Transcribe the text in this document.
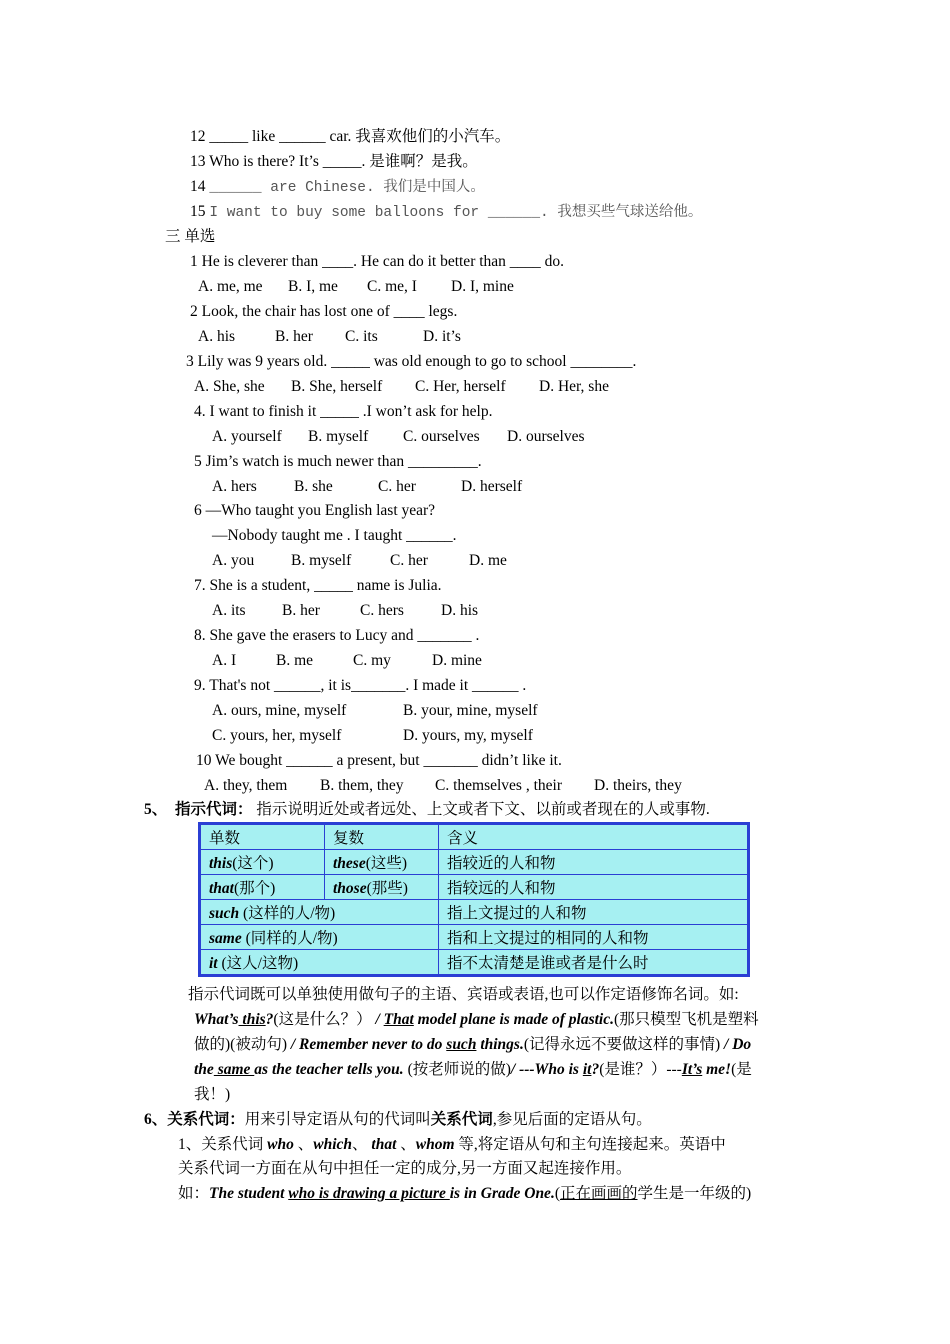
12 _____ like ______ car. 我喜欢他们的小汽车。
13 Who is there? It’s _____. 是谁啊？是我。
14 ______ are Chinese. 我们是中国人。
15 I want to buy some balloons for ______. 我想买些气球送给他。
三 单选
1 He is cleverer than ____. He can do it better than ____ do.
A. me, me B. I, me C. me, I D. I, mine
2 Look, the chair has lost one of ____ legs.
A. his	B. her C. its	D. it’s
3 Lily was 9 years old. _____ was old enough to go to school ________.
A. She, she B. She, herself C. Her, herself D. Her, she
4. I want to finish it _____ .I won’t ask for help.
A. yourself B. myself C. ourselves D. ourselves
5 Jim’s watch is much newer than _________.
A. hers B. she	C. her	D. herself
6 —Who taught you English last year?
—Nobody taught me . I taught ______.
A. you B. myself C. her	D. me
7. She is a student, _____ name is Julia.
A. its B. her	C. hers D. his
8. She gave the erasers to Lucy and _______ .
A. I	B. me	C. my	D. mine
9. That's not ______, it is_______. I made it ______ .
A. ours, mine, myself	B. your, mine, myself
C. yours, her, myself	D. yours, my, myself
10 We bought ______ a present, but _______ didn’t like it.
A. they, them B. them, they C. themselves , their D. theirs, they
5、 指示代词： 指示说明近处或者远处、上文或者下文、以前或者现在的人或事物.
单数	复数	含义
this(这个)	these(这些)	指较近的人和物
that(那个)	those(那些)	指较远的人和物
such (这样的人/物)		指上文提过的人和物
same (同样的人/物)		指和上文提过的相同的人和物
it (这人/这物)		指不太清楚是谁或者是什么时
指示代词既可以单独使用做句子的主语、宾语或表语,也可以作定语修饰名词。如:
What’s this?(这是什么？） / That model plane is made of plastic.(那只模型飞机是塑料
做的)(被动句) / Remember never to do such things.(记得永远不要做这样的事情) / Do
the same as the teacher tells you. (按老师说的做)/ ---Who is it?(是谁？）---It’s me!(是
我！)
6、关系代词：用来引导定语从句的代词叫关系代词,参见后面的定语从句。
1、关系代词 who 、which、 that 、whom 等,将定语从句和主句连接起来。英语中
关系代词一方面在从句中担任一定的成分,另一方面又起连接作用。
如：The student who is drawing a picture is in Grade One.(正在画画的学生是一年级的)
